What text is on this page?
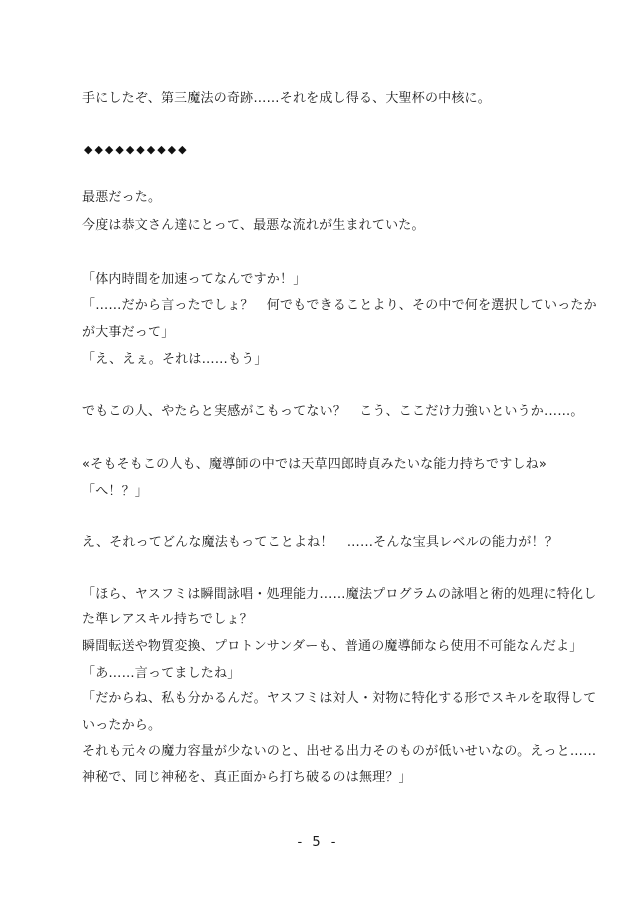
手にしたぞ、第三魔法の奇跡……それを成し得る、大聖杯の中核に。
◆◆◆◆◆◆◆◆◆◆
最悪だった。
今度は恭文さん達にとって、最悪な流れが生まれていた。
「体内時間を加速ってなんですか！」
「……だから言ったでしょ？　何でもできることより、その中で何を選択していったか
が大事だって」
「え、えぇ。それは……もう」
でもこの人、やたらと実感がこもってない？　こう、ここだけ力強いというか……。
«そもそもこの人も、魔導師の中では天草四郎時貞みたいな能力持ちですしね»
「へ！？」
え、それってどんな魔法もってことよね！　……そんな宝具レベルの能力が！？
「ほら、ヤスフミは瞬間詠唱・処理能力……魔法プログラムの詠唱と術的処理に特化し
た準レアスキル持ちでしょ？
瞬間転送や物質変換、プロトンサンダーも、普通の魔導師なら使用不可能なんだよ」
「あ……言ってましたね」
「だからね、私も分かるんだ。ヤスフミは対人・対物に特化する形でスキルを取得して
いったから。
それも元々の魔力容量が少ないのと、出せる出力そのものが低いせいなの。えっと……
神秘で、同じ神秘を、真正面から打ち破るのは無理？」
- 5 -
